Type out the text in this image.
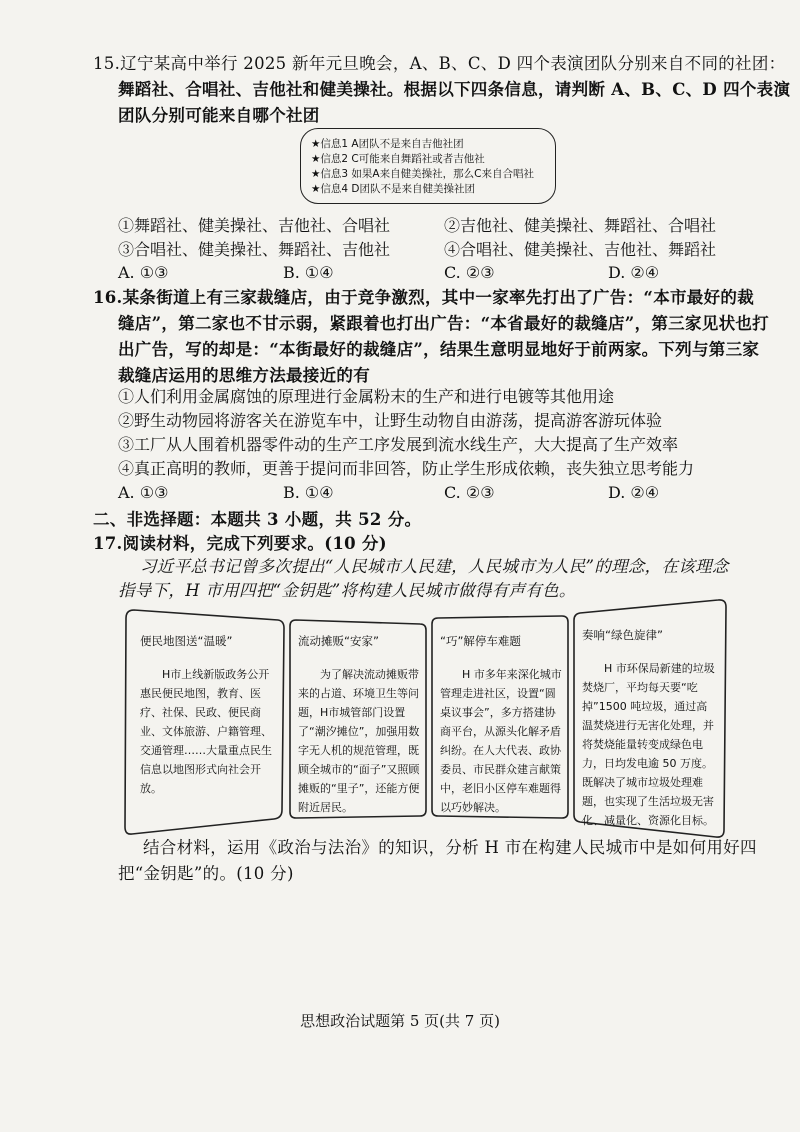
15.辽宁某高中举行 2025 新年元旦晚会，A、B、C、D 四个表演团队分别来自不同的社团：
舞蹈社、合唱社、吉他社和健美操社。根据以下四条信息，请判断 A、B、C、D 四个表演
团队分别可能来自哪个社团
★信息1 A团队不是来自吉他社团
★信息2 C可能来自舞蹈社或者吉他社
★信息3 如果A来自健美操社，那么C来自合唱社
★信息4 D团队不是来自健美操社团
①舞蹈社、健美操社、吉他社、合唱社	②吉他社、健美操社、舞蹈社、合唱社
③合唱社、健美操社、舞蹈社、吉他社	④合唱社、健美操社、吉他社、舞蹈社
A. ①③	B. ①④	C. ②③	D. ②④
16.某条街道上有三家裁缝店，由于竞争激烈，其中一家率先打出了广告：“本市最好的裁
缝店”，第二家也不甘示弱，紧跟着也打出广告：“本省最好的裁缝店”，第三家见状也打
出广告，写的却是：“本街最好的裁缝店”，结果生意明显地好于前两家。下列与第三家
裁缝店运用的思维方法最接近的有
①人们利用金属腐蚀的原理进行金属粉末的生产和进行电镀等其他用途
②野生动物园将游客关在游览车中，让野生动物自由游荡，提高游客游玩体验
③工厂从人围着机器零件动的生产工序发展到流水线生产，大大提高了生产效率
④真正高明的教师，更善于提问而非回答，防止学生形成依赖，丧失独立思考能力
A. ①③	B. ①④	C. ②③	D. ②④
二、非选择题：本题共 3 小题，共 52 分。
17.阅读材料，完成下列要求。(10 分)
习近平总书记曾多次提出“人民城市人民建，人民城市为人民”的理念，在该理念
指导下，H 市用四把“金钥匙”将构建人民城市做得有声有色。
便民地图送“温暖”
H市上线新版政务公开惠民便民地图，教育、医疗、社保、民政、便民商业、文体旅游、户籍管理、交通管理……大量重点民生信息以地图形式向社会开放。
流动摊贩“安家”
为了解决流动摊贩带来的占道、环境卫生等问题，H市城管部门设置了“潮汐摊位”，加强用数字无人机的规范管理，既顾全城市的“面子”又照顾摊贩的“里子”，还能方便附近居民。
“巧”解停车难题
H 市多年来深化城市管理走进社区，设置“圆桌议事会”，多方搭建协商平台，从源头化解矛盾纠纷。在人大代表、政协委员、市民群众建言献策中，老旧小区停车难题得以巧妙解决。
奏响“绿色旋律”
H 市环保局新建的垃圾焚烧厂，平均每天要“吃掉”1500 吨垃圾，通过高温焚烧进行无害化处理，并将焚烧能量转变成绿色电力，日均发电逾 50 万度。既解决了城市垃圾处理难题，也实现了生活垃圾无害化、减量化、资源化目标。
结合材料，运用《政治与法治》的知识，分析 H 市在构建人民城市中是如何用好四
把“金钥匙”的。(10 分)
思想政治试题第 5 页(共 7 页)
